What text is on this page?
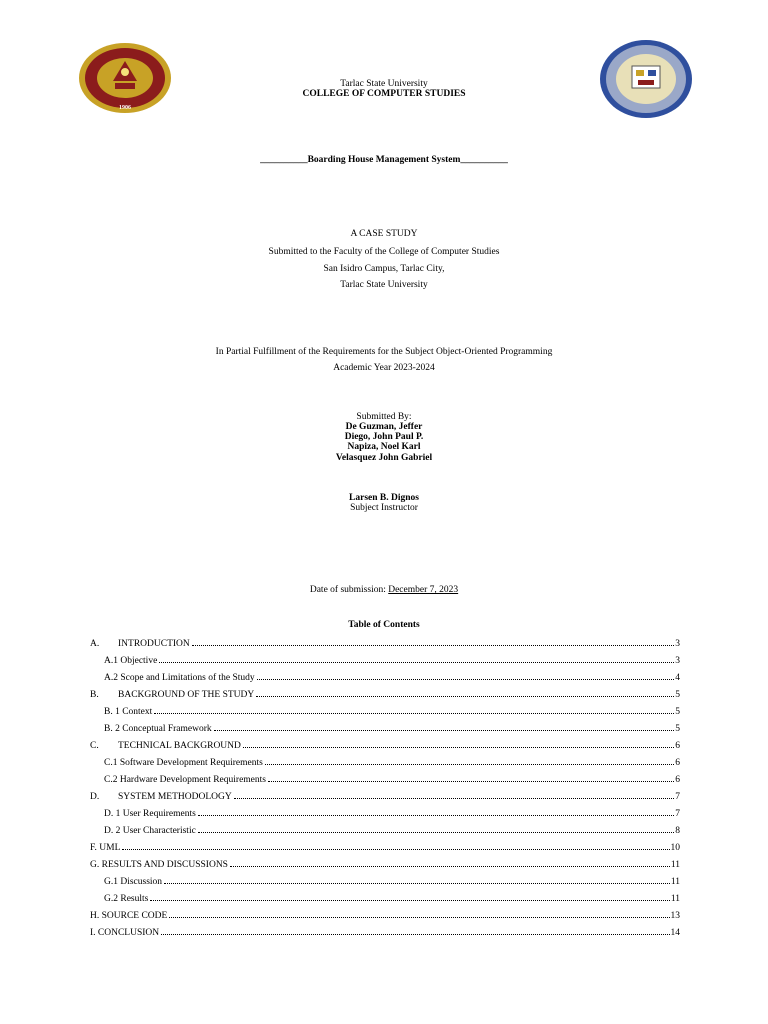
1906
Tarlac State University
COLLEGE OF COMPUTER STUDIES
__________Boarding House Management System__________
A CASE STUDY
Submitted to the Faculty of the College of Computer Studies
San Isidro Campus, Tarlac City,
Tarlac State University
In Partial Fulfillment of the Requirements for the Subject Object-Oriented Programming
Academic Year 2023-2024
Submitted By:
De Guzman, Jeffer
Diego, John Paul P.
Napiza, Noel Karl
Velasquez John Gabriel
Larsen B. Dignos
Subject Instructor
Date of submission: December 7, 2023
Table of Contents
A. INTRODUCTION	3
A.1 Objective	3
A.2 Scope and Limitations of the Study	4
B. BACKGROUND OF THE STUDY	5
B. 1 Context	5
B. 2 Conceptual Framework	5
C. TECHNICAL BACKGROUND	6
C.1 Software Development Requirements	6
C.2 Hardware Development Requirements	6
D. SYSTEM METHODOLOGY	7
D. 1 User Requirements	7
D. 2 User Characteristic	8
F. UML	10
G. RESULTS AND DISCUSSIONS	11
G.1 Discussion	11
G.2 Results	11
H. SOURCE CODE	13
I. CONCLUSION	14
